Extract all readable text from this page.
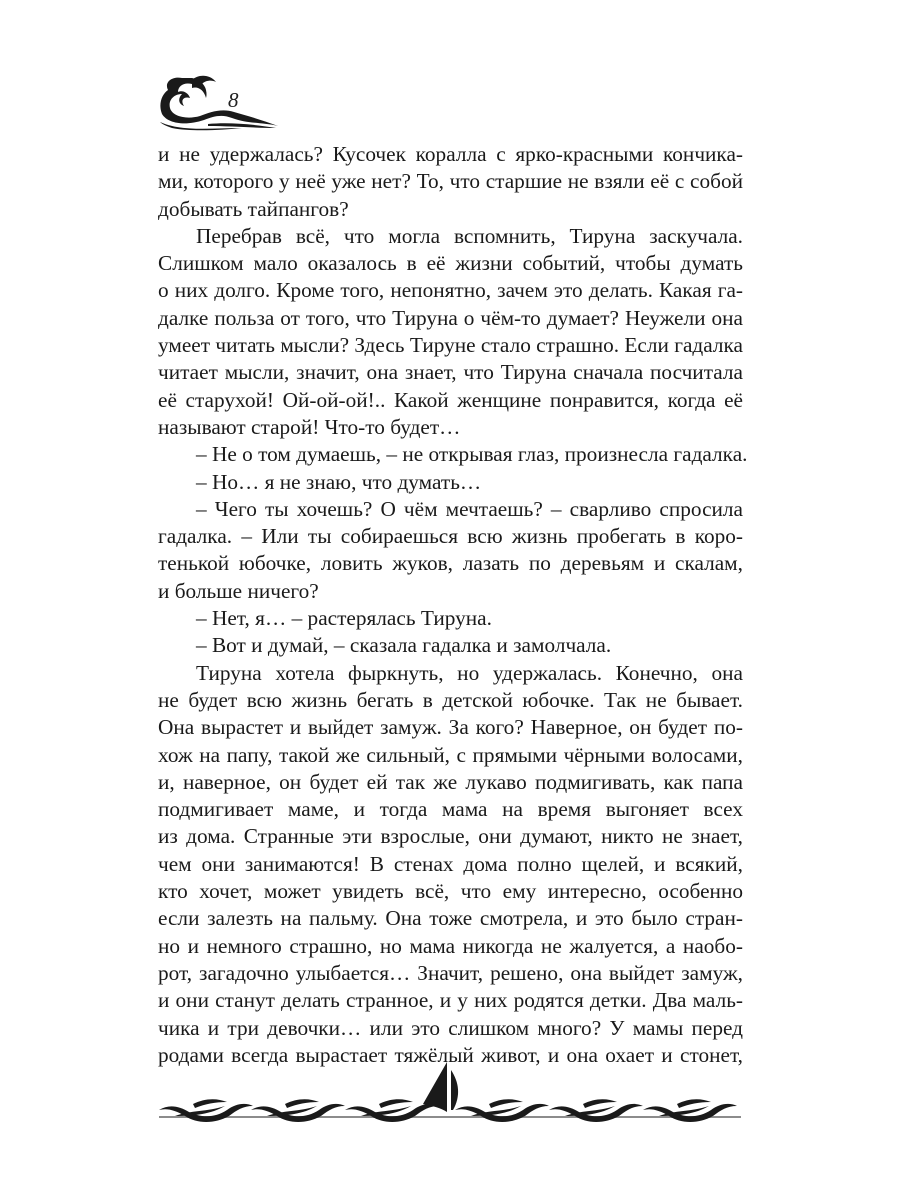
8
и не удержалась? Кусочек коралла с ярко-красными кончика-
ми, которого у неё уже нет? То, что старшие не взяли её с собой
добывать тайпангов?
Перебрав всё, что могла вспомнить, Тируна заскучала.
Слишком мало оказалось в её жизни событий, чтобы думать
о них долго. Кроме того, непонятно, зачем это делать. Какая га-
далке польза от того, что Тируна о чём-то думает? Неужели она
умеет читать мысли? Здесь Тируне стало страшно. Если гадалка
читает мысли, значит, она знает, что Тируна сначала посчитала
её старухой! Ой-ой-ой!.. Какой женщине понравится, когда её
называют старой! Что-то будет…
– Не о том думаешь, – не открывая глаз, произнесла гадалка.
– Но… я не знаю, что думать…
– Чего ты хочешь? О чём мечтаешь? – сварливо спросила
гадалка. – Или ты собираешься всю жизнь пробегать в коро-
тенькой юбочке, ловить жуков, лазать по деревьям и скалам,
и больше ничего?
– Нет, я… – растерялась Тируна.
– Вот и думай, – сказала гадалка и замолчала.
Тируна хотела фыркнуть, но удержалась. Конечно, она
не будет всю жизнь бегать в детской юбочке. Так не бывает.
Она вырастет и выйдет замуж. За кого? Наверное, он будет по-
хож на папу, такой же сильный, с прямыми чёрными волосами,
и, наверное, он будет ей так же лукаво подмигивать, как папа
подмигивает маме, и тогда мама на время выгоняет всех
из дома. Странные эти взрослые, они думают, никто не знает,
чем они занимаются! В стенах дома полно щелей, и всякий,
кто хочет, может увидеть всё, что ему интересно, особенно
если залезть на пальму. Она тоже смотрела, и это было стран-
но и немного страшно, но мама никогда не жалуется, а наобо-
рот, загадочно улыбается… Значит, решено, она выйдет замуж,
и они станут делать странное, и у них родятся детки. Два маль-
чика и три девочки… или это слишком много? У мамы перед
родами всегда вырастает тяжёлый живот, и она охает и стонет,
